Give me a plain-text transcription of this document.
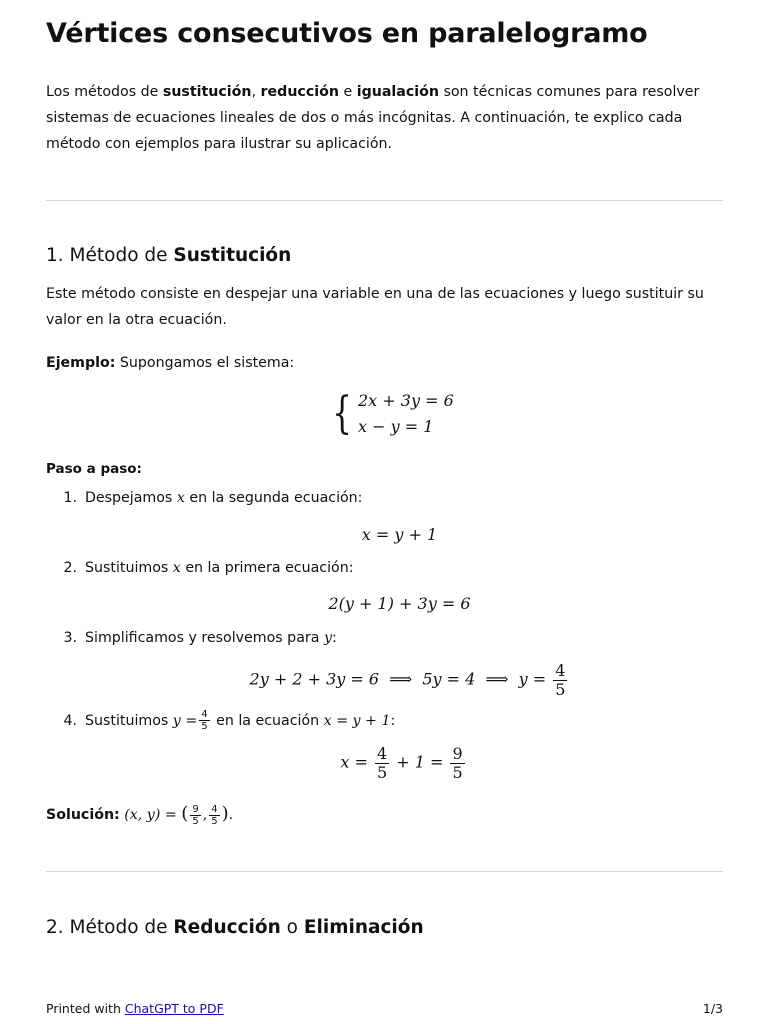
Vértices consecutivos en paralelogramo
Los métodos de sustitución, reducción e igualación son técnicas comunes para resolver sistemas de ecuaciones lineales de dos o más incógnitas. A continuación, te explico cada método con ejemplos para ilustrar su aplicación.
1. Método de Sustitución
Este método consiste en despejar una variable en una de las ecuaciones y luego sustituir su valor en la otra ecuación.
Ejemplo: Supongamos el sistema:
{ 2x + 3y = 6
x − y = 1
Paso a paso:
1. Despejamos x en la segunda ecuación:
x = y + 1
2. Sustituimos x en la primera ecuación:
2(y + 1) + 3y = 6
3. Simplificamos y resolvemos para y:
2y + 2 + 3y = 6  ⟹  5y = 4  ⟹  $y = \frac{4}{5}$
4. Sustituimos $y = \frac{4}{5}$ en la ecuación x = y + 1:
$x = \frac{4}{5} + 1 = \frac{9}{5}$
Solución: (x, y) = ( $\frac{9}{5}$ , $\frac{4}{5}$ ).
2. Método de Reducción o Eliminación
Printed with ChatGPT to PDF	1/3
